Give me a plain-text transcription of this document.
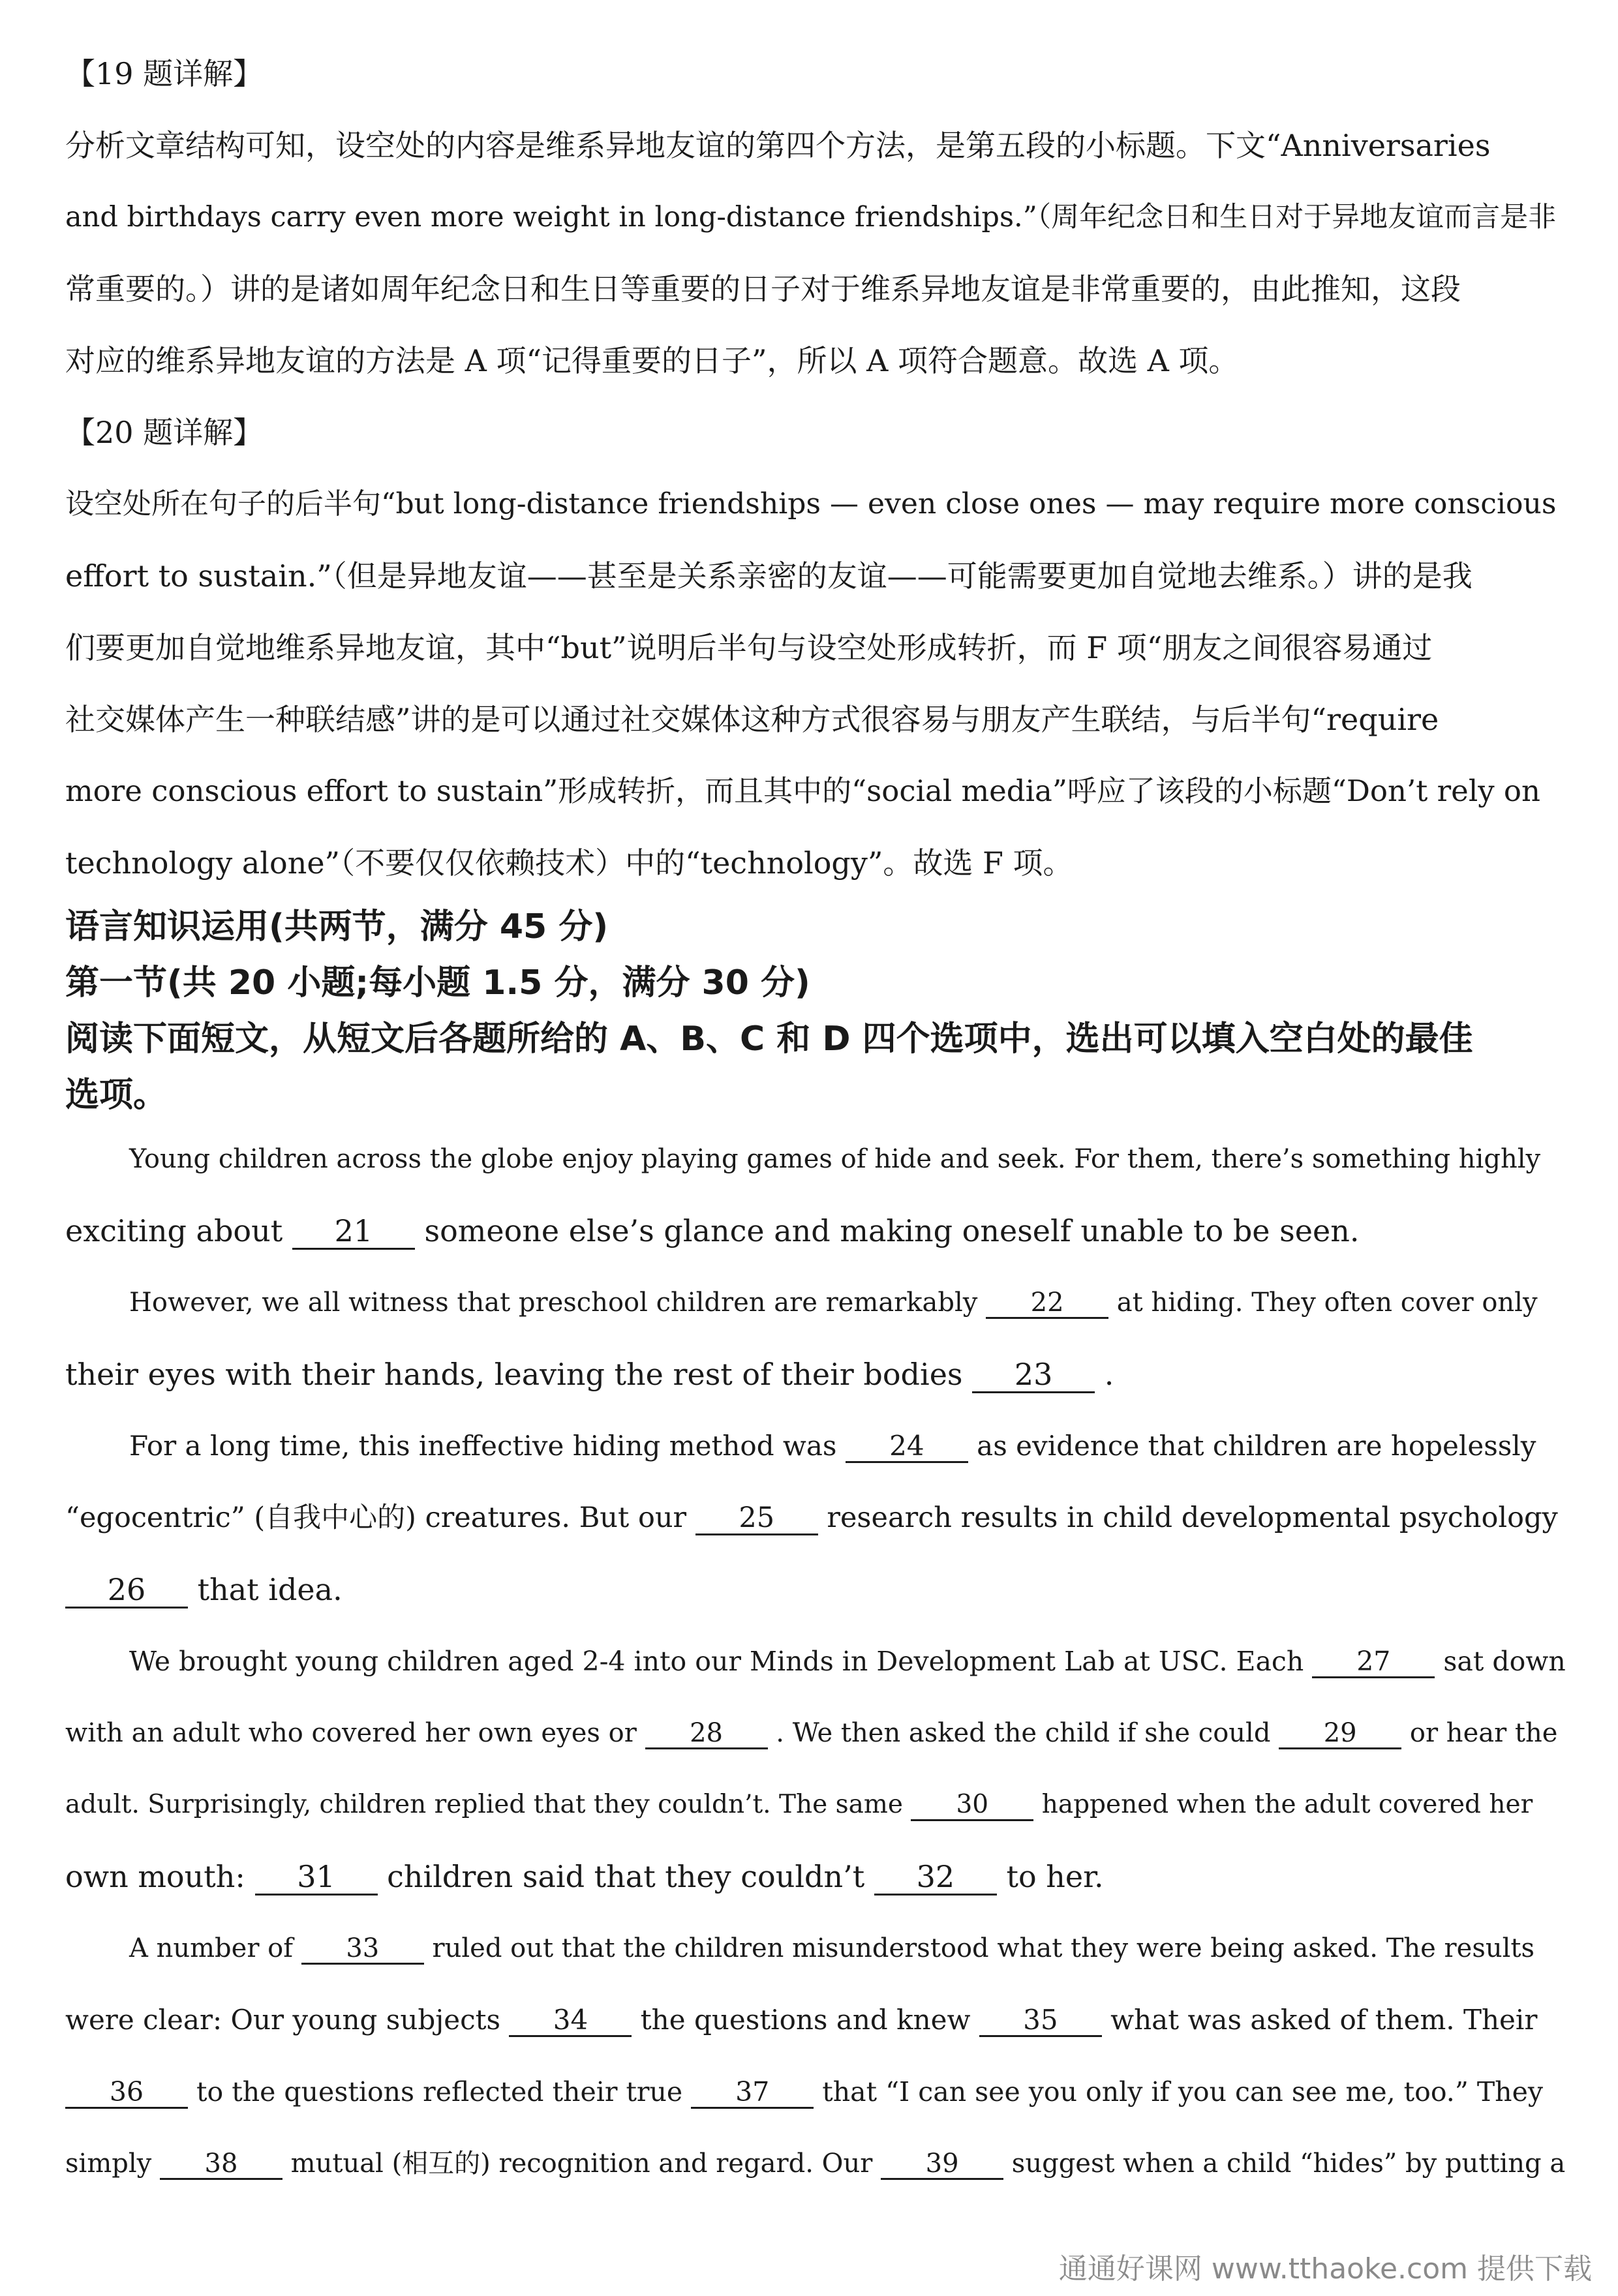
【19 题详解】
分析文章结构可知，设空处的内容是维系异地友谊的第四个方法，是第五段的小标题。下文“Anniversaries
and birthdays carry even more weight in long-distance friendships.”（周年纪念日和生日对于异地友谊而言是非
常重要的。）讲的是诸如周年纪念日和生日等重要的日子对于维系异地友谊是非常重要的，由此推知，这段
对应的维系异地友谊的方法是 A 项“记得重要的日子”，所以 A 项符合题意。故选 A 项。
【20 题详解】
设空处所在句子的后半句“but long-distance friendships — even close ones — may require more conscious
effort to sustain.”（但是异地友谊——甚至是关系亲密的友谊——可能需要更加自觉地去维系。）讲的是我
们要更加自觉地维系异地友谊，其中“but”说明后半句与设空处形成转折，而 F 项“朋友之间很容易通过
社交媒体产生一种联结感”讲的是可以通过社交媒体这种方式很容易与朋友产生联结，与后半句“require
more conscious effort to sustain”形成转折，而且其中的“social media”呼应了该段的小标题“Don’t rely on
technology alone”（不要仅仅依赖技术）中的“technology”。故选 F 项。
语言知识运用(共两节，满分 45 分)
第一节(共 20 小题;每小题 1.5 分，满分 30 分)
阅读下面短文，从短文后各题所给的 A、B、C 和 D 四个选项中，选出可以填入空白处的最佳
选项。
Young children across the globe enjoy playing games of hide and seek. For them, there’s something highly
exciting about 21 someone else’s glance and making oneself unable to be seen.
However, we all witness that preschool children are remarkably 22 at hiding. They often cover only
their eyes with their hands, leaving the rest of their bodies 23 .
For a long time, this ineffective hiding method was 24 as evidence that children are hopelessly
“egocentric” (自我中心的) creatures. But our 25 research results in child developmental psychology
26 that idea.
We brought young children aged 2-4 into our Minds in Development Lab at USC. Each 27 sat down
with an adult who covered her own eyes or 28 . We then asked the child if she could 29 or hear the
adult. Surprisingly, children replied that they couldn’t. The same 30 happened when the adult covered her
own mouth: 31 children said that they couldn’t 32 to her.
A number of 33 ruled out that the children misunderstood what they were being asked. The results
were clear: Our young subjects 34 the questions and knew 35 what was asked of them. Their
36 to the questions reflected their true 37 that “I can see you only if you can see me, too.” They
simply 38 mutual (相互的) recognition and regard. Our 39 suggest when a child “hides” by putting a
通通好课网 www.tthaoke.com 提供下载
